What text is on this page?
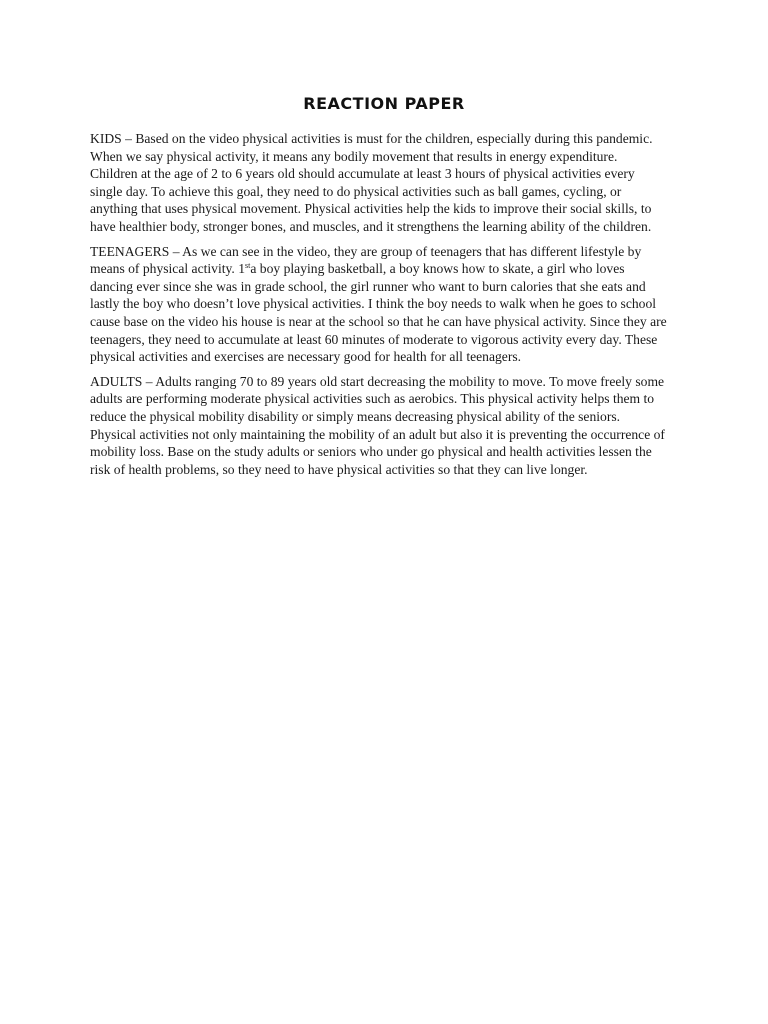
REACTION PAPER

KIDS – Based on the video physical activities is must for the children, especially during this pandemic.
When we say physical activity, it means any bodily movement that results in energy expenditure.
Children at the age of 2 to 6 years old should accumulate at least 3 hours of physical activities every
single day. To achieve this goal, they need to do physical activities such as ball games, cycling, or
anything that uses physical movement. Physical activities help the kids to improve their social skills, to
have healthier body, stronger bones, and muscles, and it strengthens the learning ability of the children.

TEENAGERS – As we can see in the video, they are group of teenagers that has different lifestyle by
means of physical activity. 1sta boy playing basketball, a boy knows how to skate, a girl who loves
dancing ever since she was in grade school, the girl runner who want to burn calories that she eats and
lastly the boy who doesn’t love physical activities. I think the boy needs to walk when he goes to school
cause base on the video his house is near at the school so that he can have physical activity. Since they are
teenagers, they need to accumulate at least 60 minutes of moderate to vigorous activity every day. These
physical activities and exercises are necessary good for health for all teenagers.

ADULTS – Adults ranging 70 to 89 years old start decreasing the mobility to move. To move freely some
adults are performing moderate physical activities such as aerobics. This physical activity helps them to
reduce the physical mobility disability or simply means decreasing physical ability of the seniors.
Physical activities not only maintaining the mobility of an adult but also it is preventing the occurrence of
mobility loss. Base on the study adults or seniors who under go physical and health activities lessen the
risk of health problems, so they need to have physical activities so that they can live longer.
